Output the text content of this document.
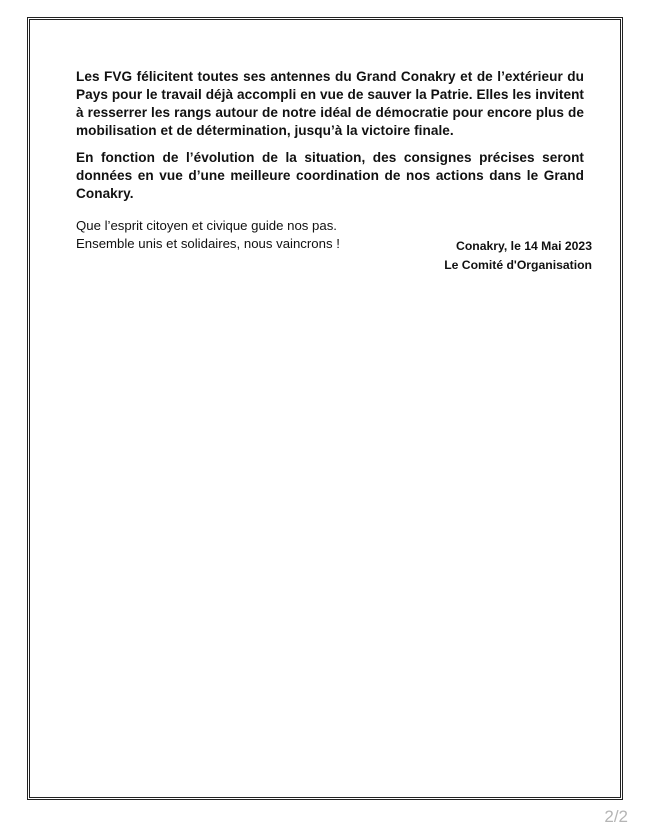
Les FVG félicitent toutes ses antennes du Grand Conakry et de l’extérieur du Pays pour le travail déjà accompli en vue de sauver la Patrie. Elles les invitent à resserrer les rangs autour de notre idéal de démocratie pour encore plus de mobilisation et de détermination, jusqu’à la victoire finale.

En fonction de l’évolution de la situation, des consignes précises seront données en vue d’une meilleure coordination de nos actions dans le Grand Conakry.

Que l’esprit citoyen et civique guide nos pas.

Ensemble unis et solidaires, nous vaincrons !	Conakry, le 14 Mai 2023
Le Comité d'Organisation
2/2
